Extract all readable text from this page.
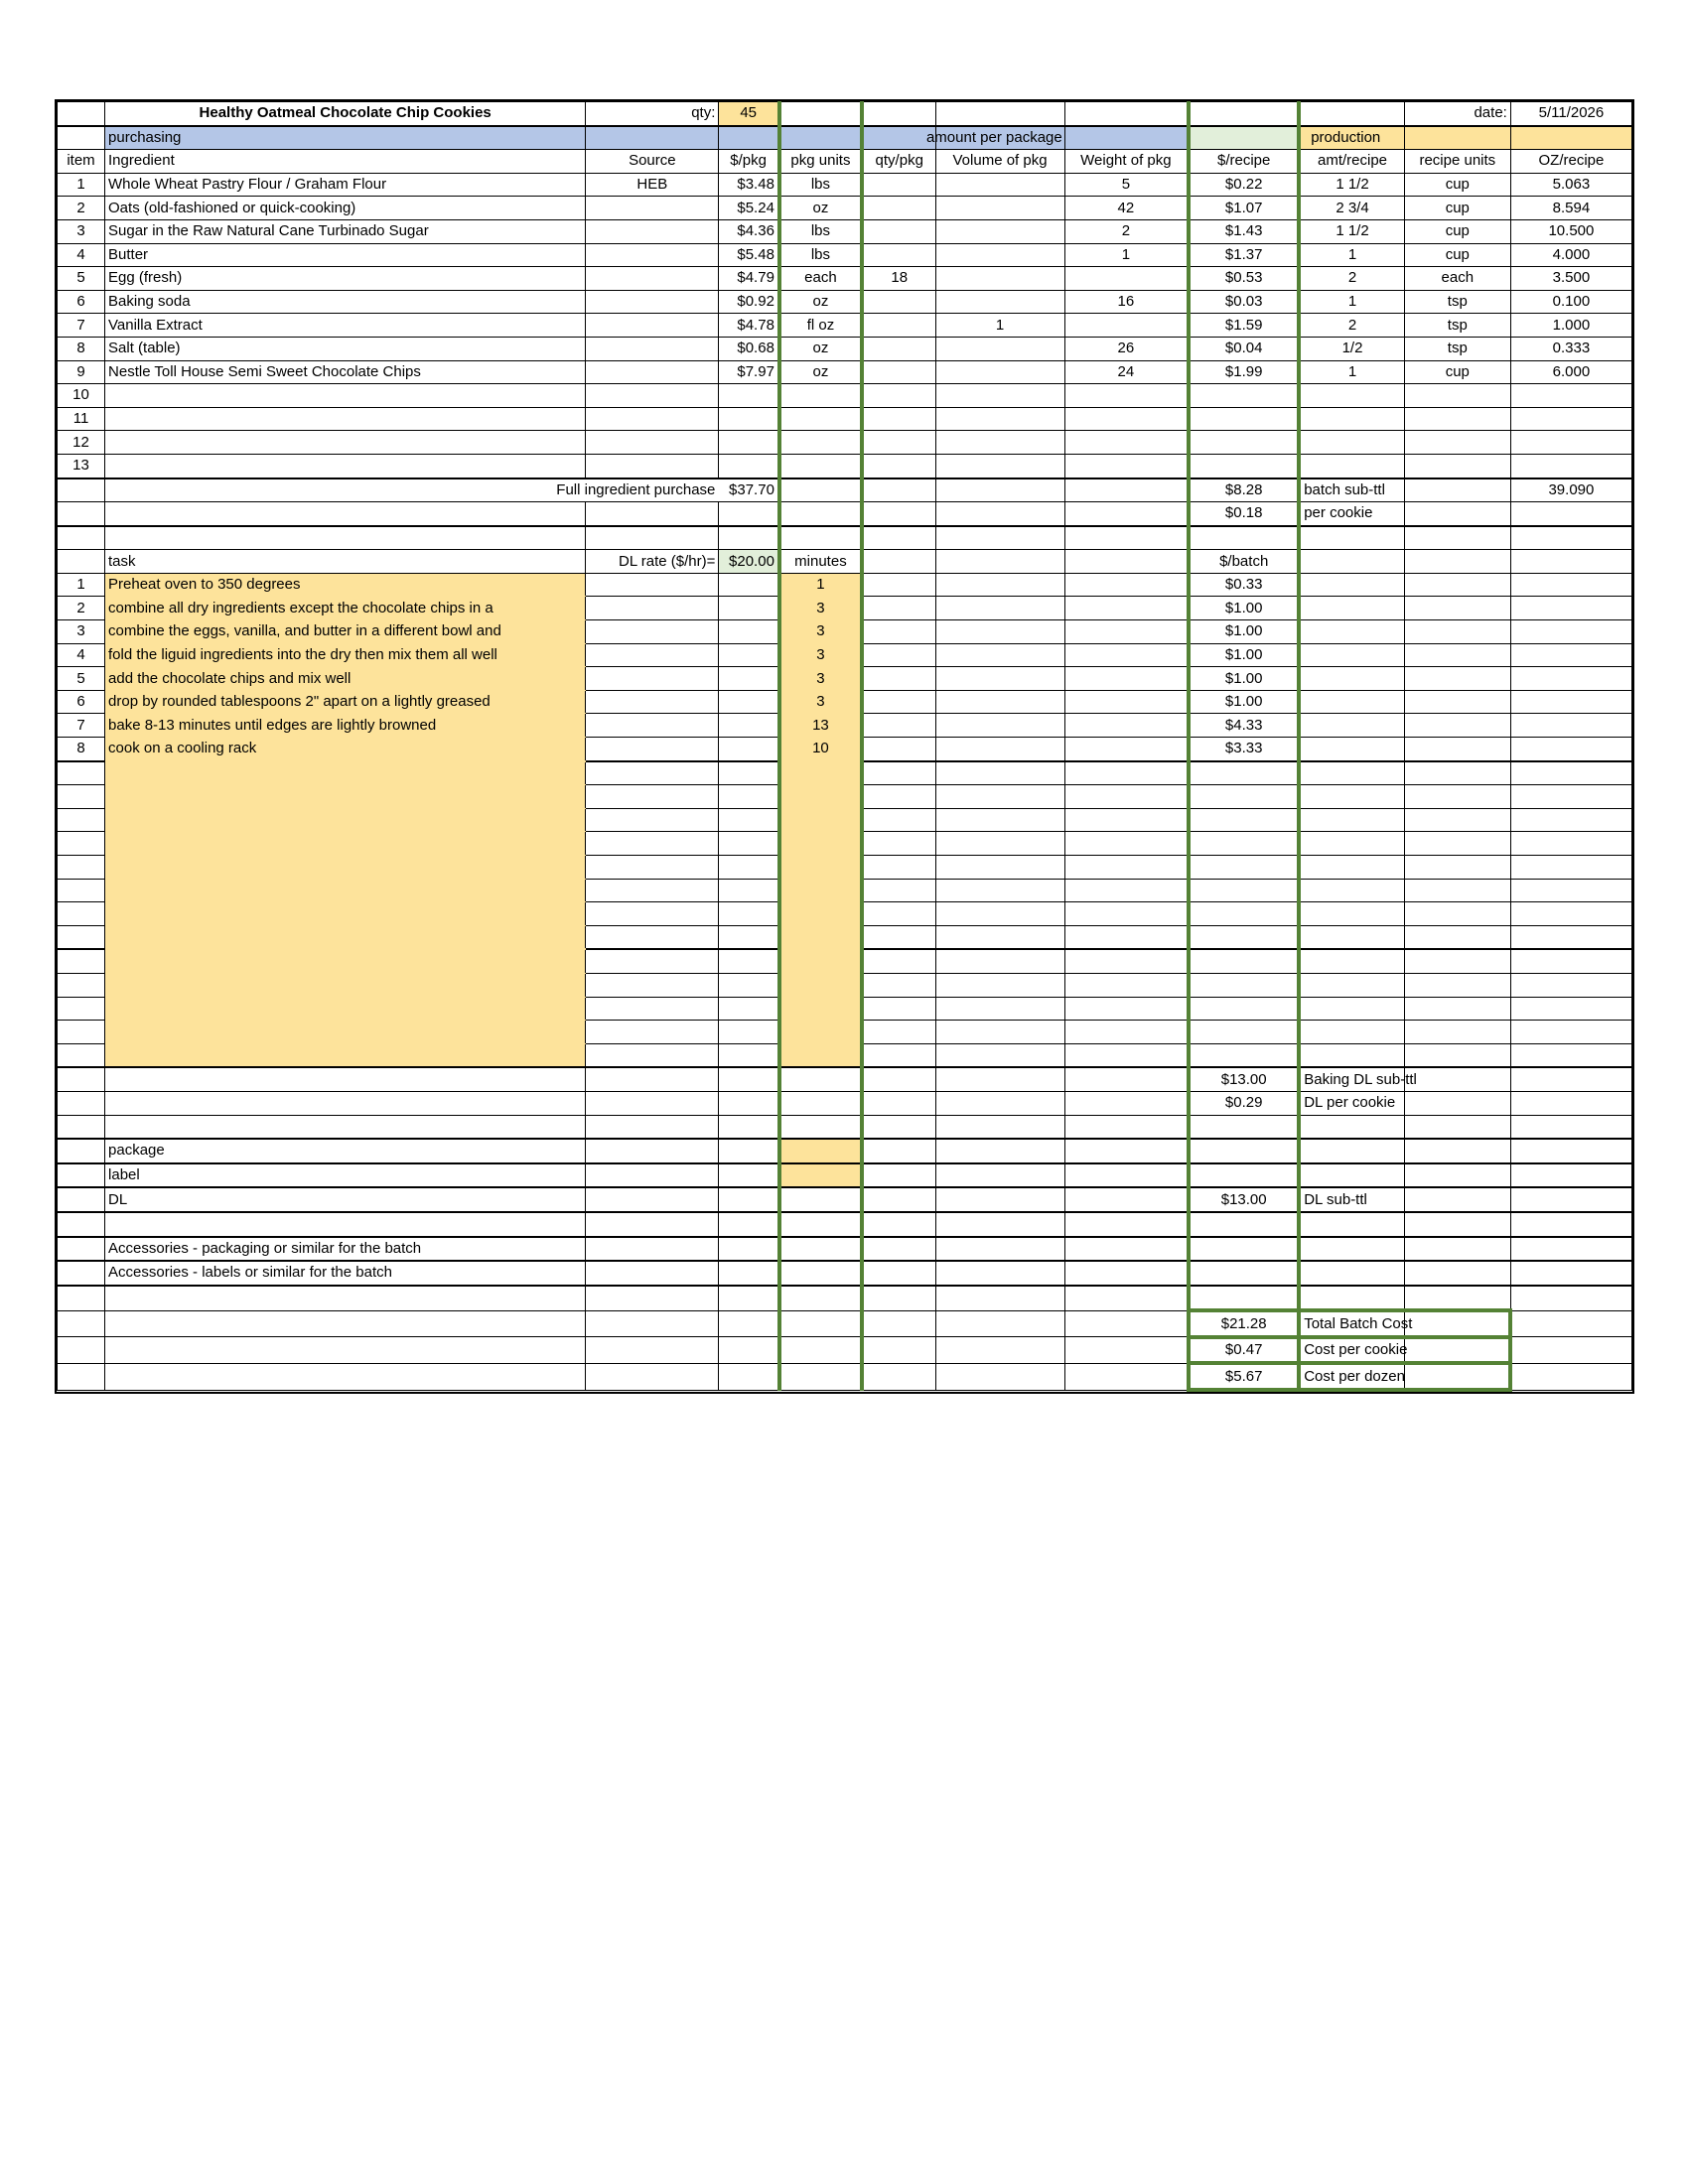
	Healthy Oatmeal Chocolate Chip Cookies	qty:	45							date:	5/11/2026
	purchasing				amount per package				production		
item	Ingredient	Source	$/pkg	pkg units	qty/pkg	Volume of pkg	Weight of pkg	$/recipe	amt/recipe	recipe units	OZ/recipe
1	Whole Wheat Pastry Flour / Graham Flour	HEB	$3.48	lbs			5	$0.22	1 1/2	cup	5.063
2	Oats (old-fashioned or quick-cooking)		$5.24	oz			42	$1.07	2 3/4	cup	8.594
3	Sugar in the Raw Natural Cane Turbinado Sugar		$4.36	lbs			2	$1.43	1 1/2	cup	10.500
4	Butter		$5.48	lbs			1	$1.37	1	cup	4.000
5	Egg (fresh)		$4.79	each	18			$0.53	2	each	3.500
6	Baking soda		$0.92	oz			16	$0.03	1	tsp	0.100
7	Vanilla Extract		$4.78	fl oz		1		$1.59	2	tsp	1.000
8	Salt (table)		$0.68	oz			26	$0.04	1/2	tsp	0.333
9	Nestle Toll House Semi Sweet Chocolate Chips		$7.97	oz			24	$1.99	1	cup	6.000
10											
11											
12											
13											
	Full ingredient purchase		$37.70					$8.28	batch sub-ttl		39.090
								$0.18	per cookie		

	task	DL rate ($/hr)=	$20.00	minutes				$/batch			
1	Preheat oven to 350 degrees			1				$0.33			
2	combine all dry ingredients except the chocolate chips in a			3				$1.00			
3	combine the eggs, vanilla, and butter in a different bowl and			3				$1.00			
4	fold the liguid ingredients into the dry then mix them all well			3				$1.00			
5	add the chocolate chips and mix well			3				$1.00			
6	drop by rounded tablespoons 2" apart on a lightly greased			3				$1.00			
7	bake 8-13 minutes until edges are lightly browned			13				$4.33			
8	cook on a cooling rack			10				$3.33			

								$13.00	Baking DL sub-ttl		
								$0.29	DL per cookie		

	package										
	label										
	DL							$13.00	DL sub-ttl		

	Accessories - packaging or similar for the batch										
	Accessories - labels or similar for the batch										

								$21.28	Total Batch Cost		
								$0.47	Cost per cookie		
								$5.67	Cost per dozen		
